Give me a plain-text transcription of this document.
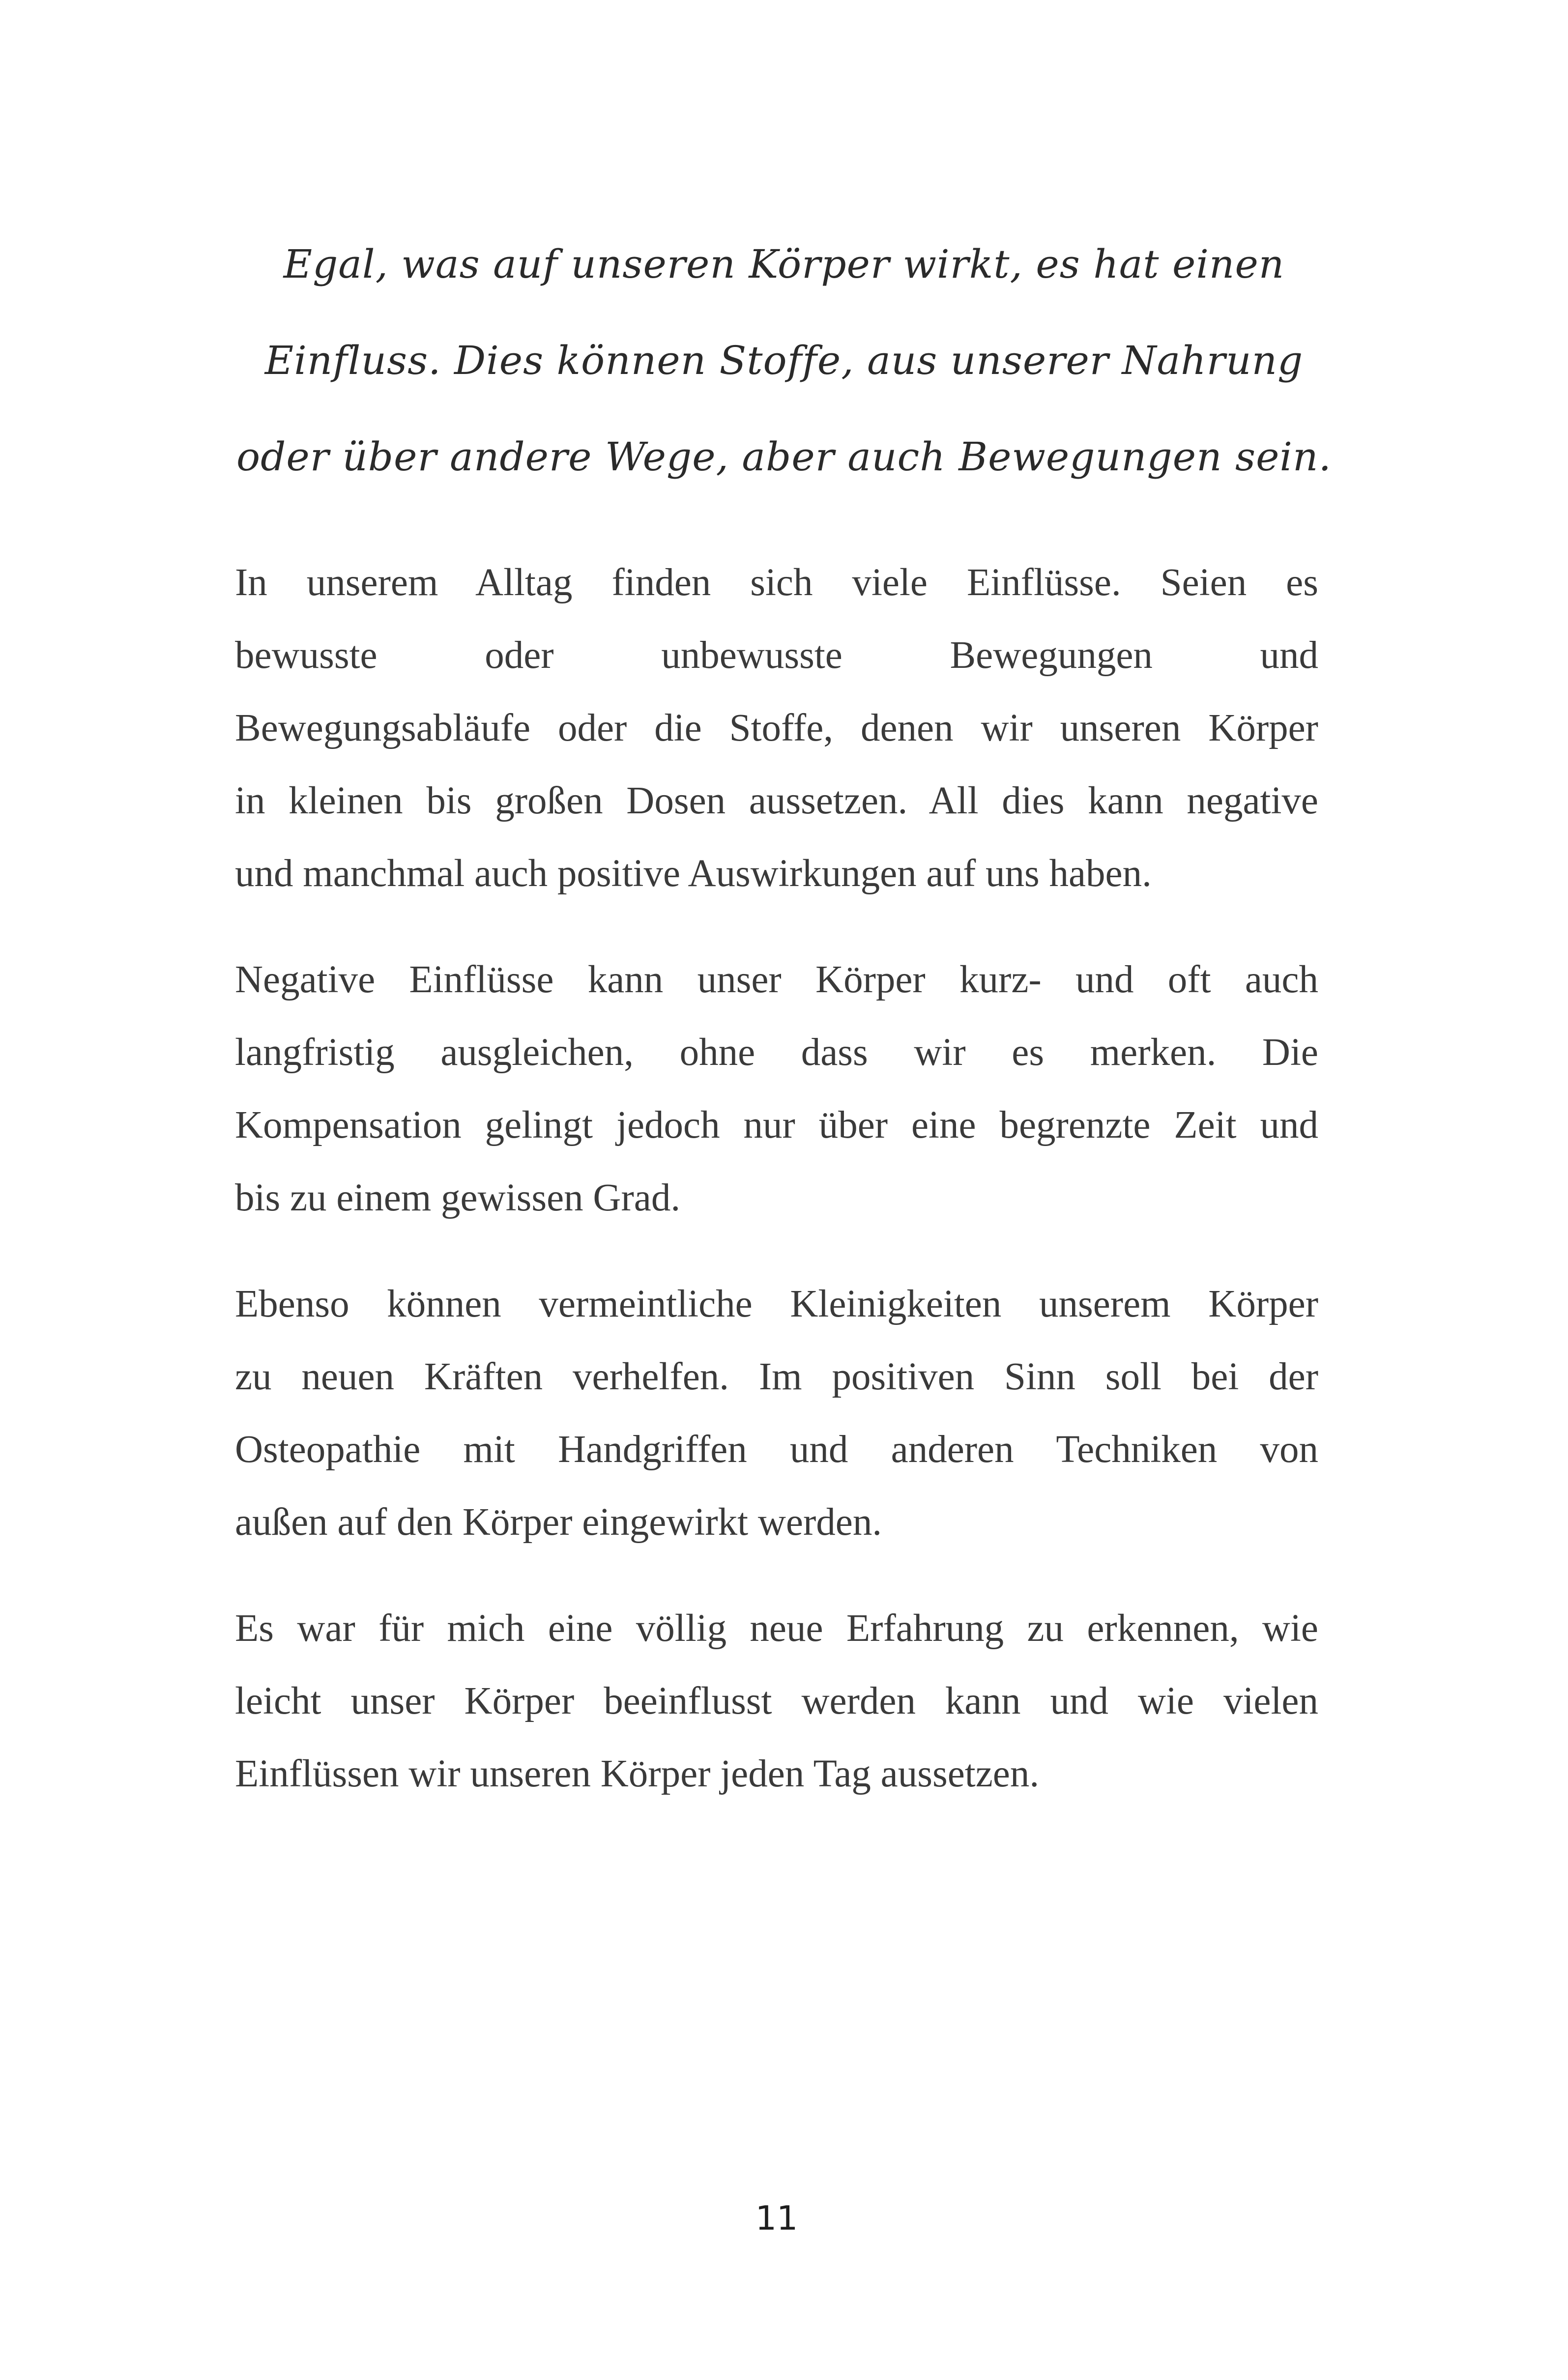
Egal, was auf unseren Körper wirkt, es hat einen
Einfluss. Dies können Stoffe, aus unserer Nahrung
oder über andere Wege, aber auch Bewegungen sein.

In unserem Alltag finden sich viele Einflüsse. Seien es
bewusste oder unbewusste Bewegungen und
Bewegungsabläufe oder die Stoffe, denen wir unseren Körper
in kleinen bis großen Dosen aussetzen. All dies kann negative
und manchmal auch positive Auswirkungen auf uns haben.

Negative Einflüsse kann unser Körper kurz- und oft auch
langfristig ausgleichen, ohne dass wir es merken. Die
Kompensation gelingt jedoch nur über eine begrenzte Zeit und
bis zu einem gewissen Grad.

Ebenso können vermeintliche Kleinigkeiten unserem Körper
zu neuen Kräften verhelfen. Im positiven Sinn soll bei der
Osteopathie mit Handgriffen und anderen Techniken von
außen auf den Körper eingewirkt werden.

Es war für mich eine völlig neue Erfahrung zu erkennen, wie
leicht unser Körper beeinflusst werden kann und wie vielen
Einflüssen wir unseren Körper jeden Tag aussetzen.

11
